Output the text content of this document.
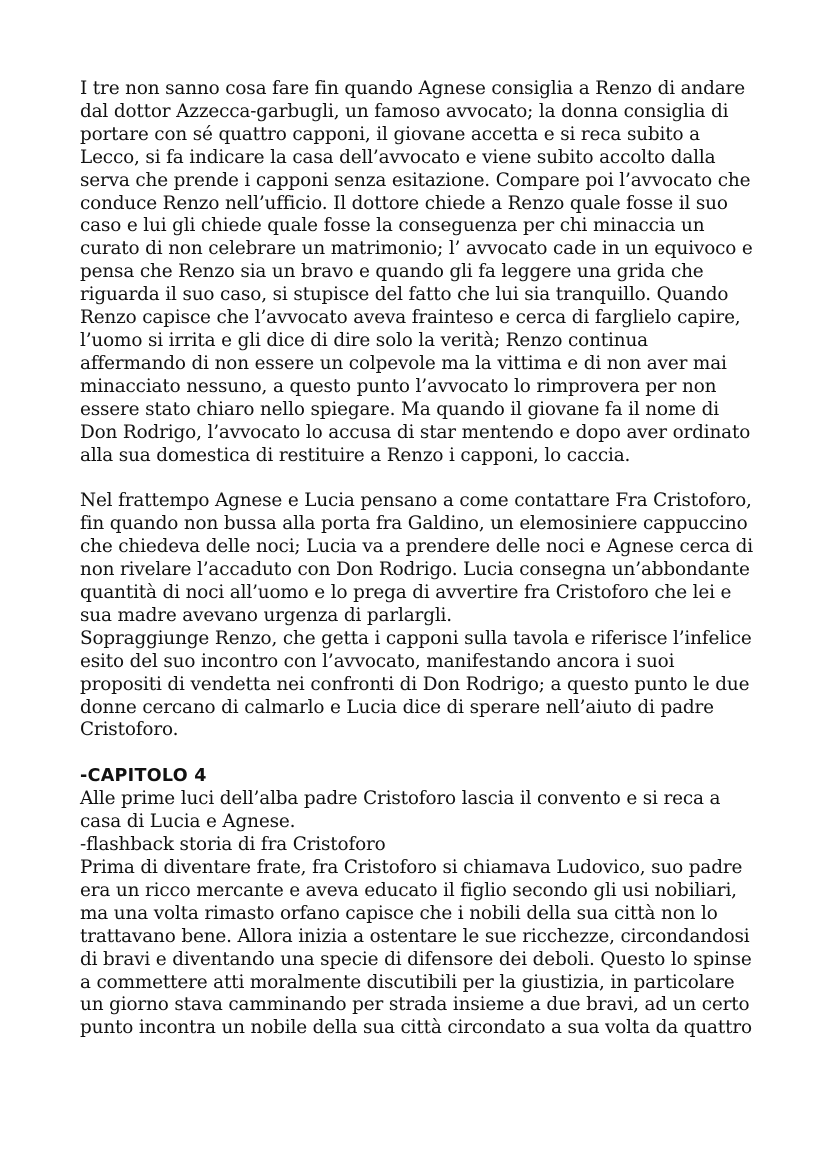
I tre non sanno cosa fare fin quando Agnese consiglia a Renzo di andare
dal dottor Azzecca-garbugli, un famoso avvocato; la donna consiglia di
portare con sé quattro capponi, il giovane accetta e si reca subito a
Lecco, si fa indicare la casa dell’avvocato e viene subito accolto dalla
serva che prende i capponi senza esitazione. Compare poi l’avvocato che
conduce Renzo nell’ufficio. Il dottore chiede a Renzo quale fosse il suo
caso e lui gli chiede quale fosse la conseguenza per chi minaccia un
curato di non celebrare un matrimonio; l’ avvocato cade in un equivoco e
pensa che Renzo sia un bravo e quando gli fa leggere una grida che
riguarda il suo caso, si stupisce del fatto che lui sia tranquillo. Quando
Renzo capisce che l’avvocato aveva frainteso e cerca di farglielo capire,
l’uomo si irrita e gli dice di dire solo la verità; Renzo continua
affermando di non essere un colpevole ma la vittima e di non aver mai
minacciato nessuno, a questo punto l’avvocato lo rimprovera per non
essere stato chiaro nello spiegare. Ma quando il giovane fa il nome di
Don Rodrigo, l’avvocato lo accusa di star mentendo e dopo aver ordinato
alla sua domestica di restituire a Renzo i capponi, lo caccia.
Nel frattempo Agnese e Lucia pensano a come contattare Fra Cristoforo,
fin quando non bussa alla porta fra Galdino, un elemosiniere cappuccino
che chiedeva delle noci; Lucia va a prendere delle noci e Agnese cerca di
non rivelare l’accaduto con Don Rodrigo. Lucia consegna un’abbondante
quantità di noci all’uomo e lo prega di avvertire fra Cristoforo che lei e
sua madre avevano urgenza di parlargli.
Sopraggiunge Renzo, che getta i capponi sulla tavola e riferisce l’infelice
esito del suo incontro con l’avvocato, manifestando ancora i suoi
propositi di vendetta nei confronti di Don Rodrigo; a questo punto le due
donne cercano di calmarlo e Lucia dice di sperare nell’aiuto di padre
Cristoforo.
-CAPITOLO 4
Alle prime luci dell’alba padre Cristoforo lascia il convento e si reca a
casa di Lucia e Agnese.
-flashback storia di fra Cristoforo
Prima di diventare frate, fra Cristoforo si chiamava Ludovico, suo padre
era un ricco mercante e aveva educato il figlio secondo gli usi nobiliari,
ma una volta rimasto orfano capisce che i nobili della sua città non lo
trattavano bene. Allora inizia a ostentare le sue ricchezze, circondandosi
di bravi e diventando una specie di difensore dei deboli. Questo lo spinse
a commettere atti moralmente discutibili per la giustizia, in particolare
un giorno stava camminando per strada insieme a due bravi, ad un certo
punto incontra un nobile della sua città circondato a sua volta da quattro
